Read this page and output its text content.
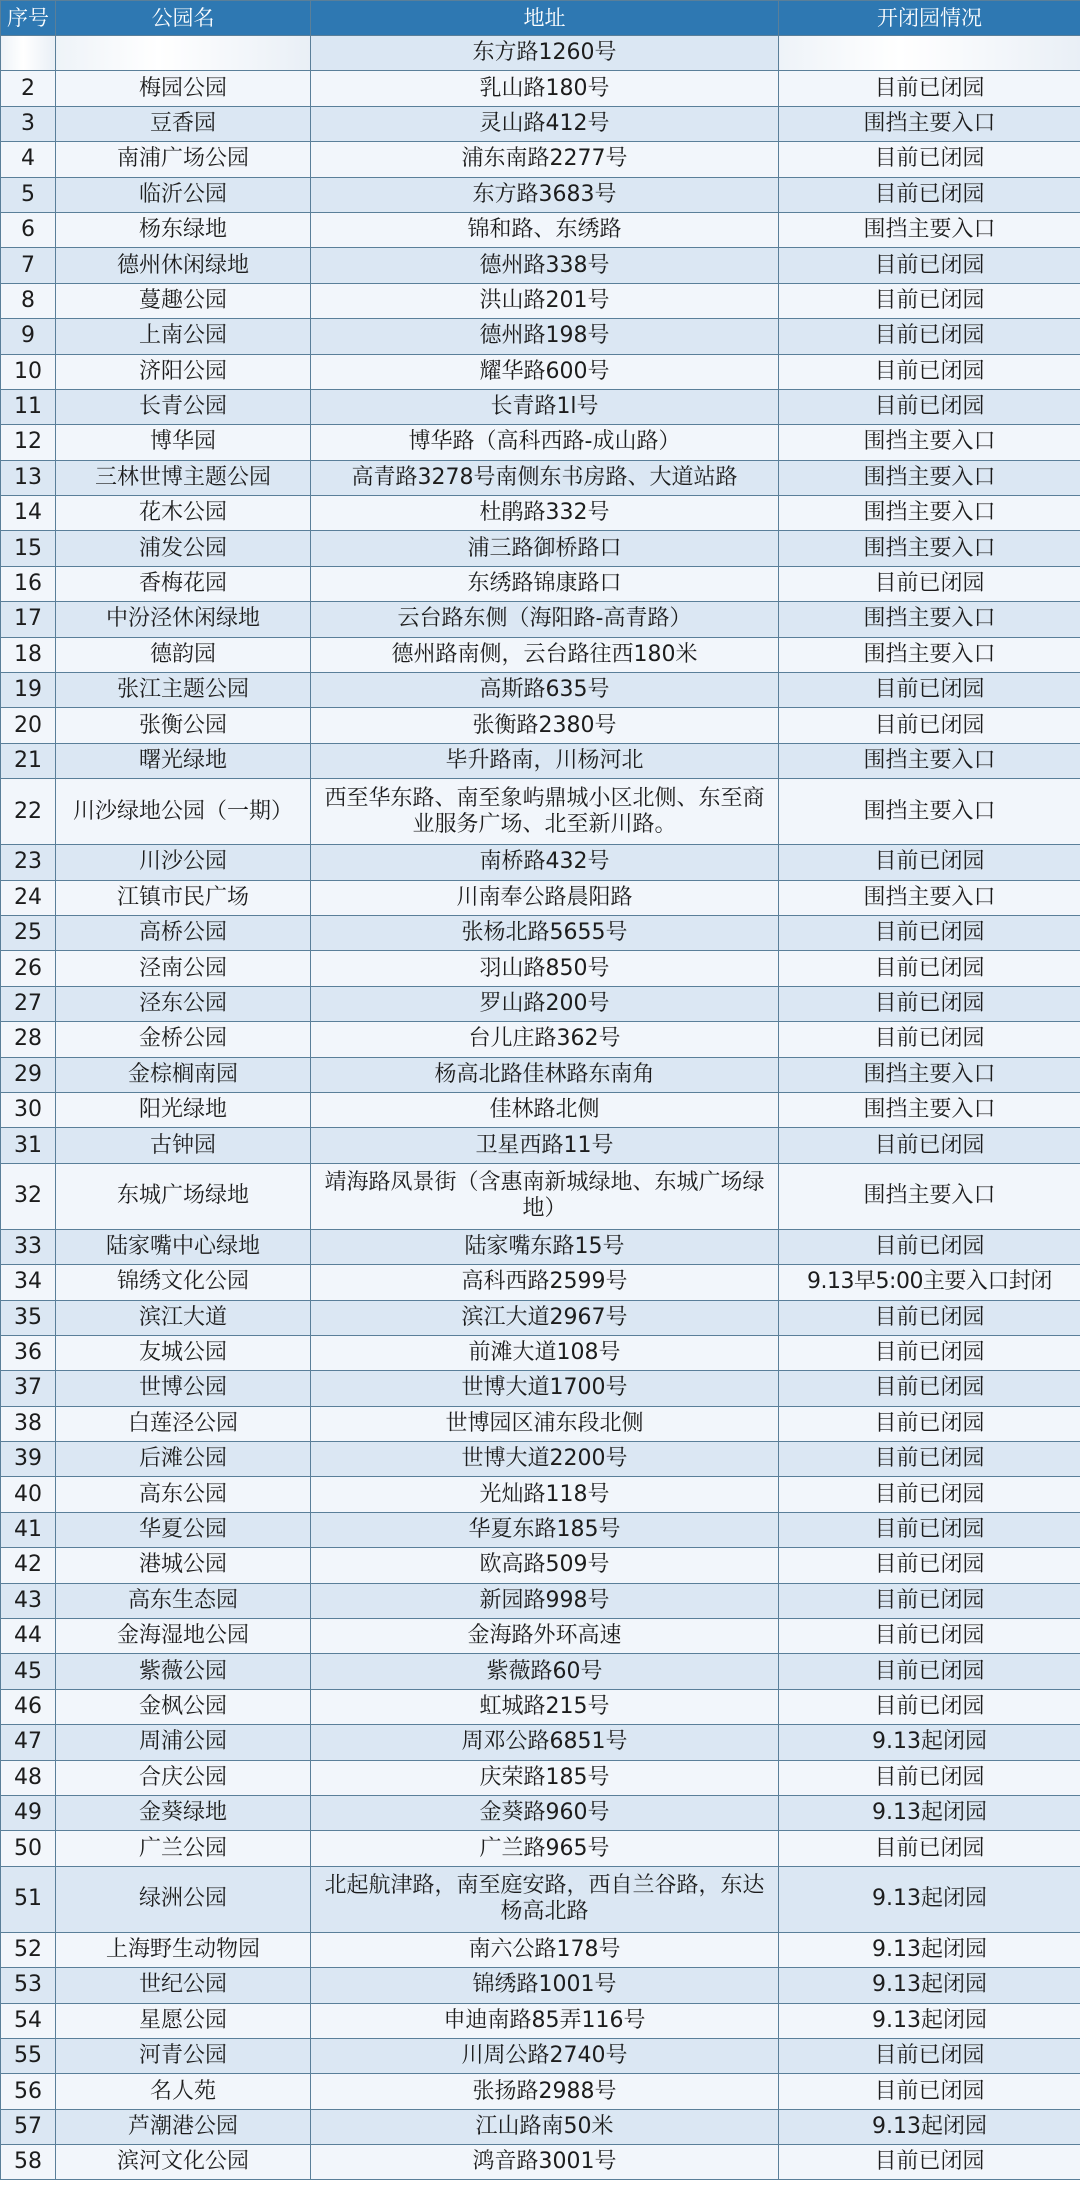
序号	公园名	地址	开闭园情况
		东方路1260号	
2	梅园公园	乳山路180号	目前已闭园
3	豆香园	灵山路412号	围挡主要入口
4	南浦广场公园	浦东南路2277号	目前已闭园
5	临沂公园	东方路3683号	目前已闭园
6	杨东绿地	锦和路、东绣路	围挡主要入口
7	德州休闲绿地	德州路338号	目前已闭园
8	蔓趣公园	洪山路201号	目前已闭园
9	上南公园	德州路198号	目前已闭园
10	济阳公园	耀华路600号	目前已闭园
11	长青公园	长青路1l号	目前已闭园
12	博华园	博华路（高科西路-成山路）	围挡主要入口
13	三林世博主题公园	高青路3278号南侧东书房路、大道站路	围挡主要入口
14	花木公园	杜鹃路332号	围挡主要入口
15	浦发公园	浦三路御桥路口	围挡主要入口
16	香梅花园	东绣路锦康路口	目前已闭园
17	中汾泾休闲绿地	云台路东侧（海阳路-高青路）	围挡主要入口
18	德韵园	德州路南侧，云台路往西180米	围挡主要入口
19	张江主题公园	高斯路635号	目前已闭园
20	张衡公园	张衡路2380号	目前已闭园
21	曙光绿地	毕升路南，川杨河北	围挡主要入口
22	川沙绿地公园（一期）	西至华东路、南至象屿鼎城小区北侧、东至商业服务广场、北至新川路。	围挡主要入口
23	川沙公园	南桥路432号	目前已闭园
24	江镇市民广场	川南奉公路晨阳路	围挡主要入口
25	高桥公园	张杨北路5655号	目前已闭园
26	泾南公园	羽山路850号	目前已闭园
27	泾东公园	罗山路200号	目前已闭园
28	金桥公园	台儿庄路362号	目前已闭园
29	金棕榈南园	杨高北路佳林路东南角	围挡主要入口
30	阳光绿地	佳林路北侧	围挡主要入口
31	古钟园	卫星西路11号	目前已闭园
32	东城广场绿地	靖海路凤景街（含惠南新城绿地、东城广场绿地）	围挡主要入口
33	陆家嘴中心绿地	陆家嘴东路15号	目前已闭园
34	锦绣文化公园	高科西路2599号	9.13早5:00主要入口封闭
35	滨江大道	滨江大道2967号	目前已闭园
36	友城公园	前滩大道108号	目前已闭园
37	世博公园	世博大道1700号	目前已闭园
38	白莲泾公园	世博园区浦东段北侧	目前已闭园
39	后滩公园	世博大道2200号	目前已闭园
40	高东公园	光灿路118号	目前已闭园
41	华夏公园	华夏东路185号	目前已闭园
42	港城公园	欧高路509号	目前已闭园
43	高东生态园	新园路998号	目前已闭园
44	金海湿地公园	金海路外环高速	目前已闭园
45	紫薇公园	紫薇路60号	目前已闭园
46	金枫公园	虹城路215号	目前已闭园
47	周浦公园	周邓公路6851号	9.13起闭园
48	合庆公园	庆荣路185号	目前已闭园
49	金葵绿地	金葵路960号	9.13起闭园
50	广兰公园	广兰路965号	目前已闭园
51	绿洲公园	北起航津路，南至庭安路，西自兰谷路，东达杨高北路	9.13起闭园
52	上海野生动物园	南六公路178号	9.13起闭园
53	世纪公园	锦绣路1001号	9.13起闭园
54	星愿公园	申迪南路85弄116号	9.13起闭园
55	河青公园	川周公路2740号	目前已闭园
56	名人苑	张扬路2988号	目前已闭园
57	芦潮港公园	江山路南50米	9.13起闭园
58	滨河文化公园	鸿音路3001号	目前已闭园
